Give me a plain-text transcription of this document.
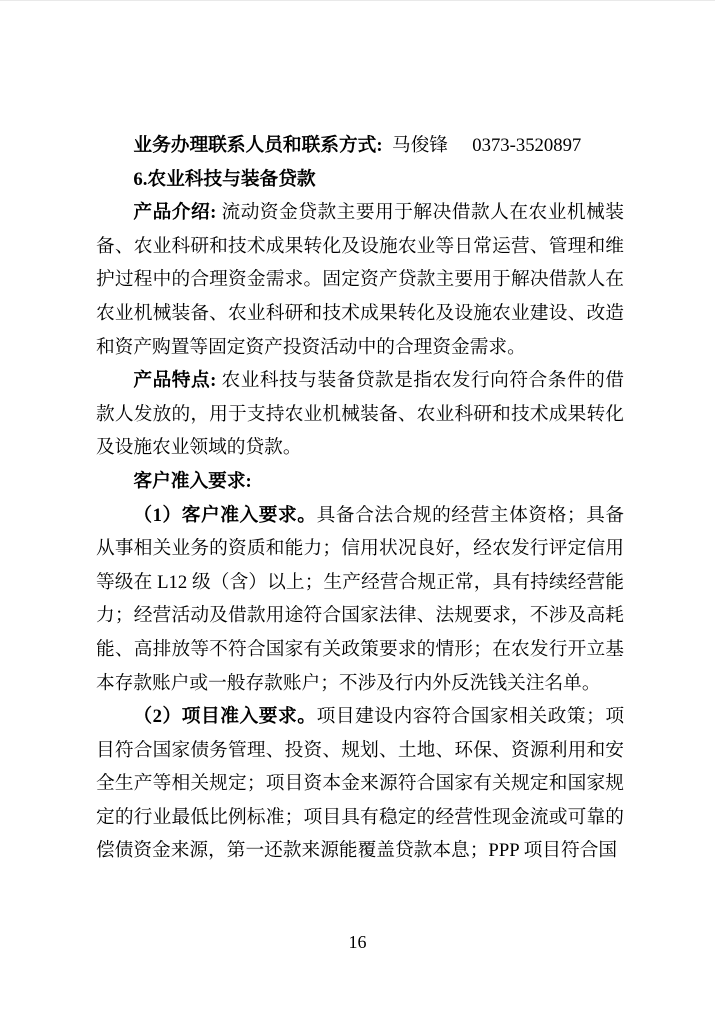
业务办理联系人员和联系方式: 马俊锋 0373-3520897

6.农业科技与装备贷款

产品介绍: 流动资金贷款主要用于解决借款人在农业机械装备、农业科研和技术成果转化及设施农业等日常运营、管理和维护过程中的合理资金需求。固定资产贷款主要用于解决借款人在农业机械装备、农业科研和技术成果转化及设施农业建设、改造和资产购置等固定资产投资活动中的合理资金需求。

产品特点: 农业科技与装备贷款是指农发行向符合条件的借款人发放的，用于支持农业机械装备、农业科研和技术成果转化及设施农业领域的贷款。

客户准入要求:

（1）客户准入要求。具备合法合规的经营主体资格；具备从事相关业务的资质和能力；信用状况良好，经农发行评定信用等级在 L12 级（含）以上；生产经营合规正常，具有持续经营能力；经营活动及借款用途符合国家法律、法规要求，不涉及高耗能、高排放等不符合国家有关政策要求的情形；在农发行开立基本存款账户或一般存款账户；不涉及行内外反洗钱关注名单。

（2）项目准入要求。项目建设内容符合国家相关政策；项目符合国家债务管理、投资、规划、土地、环保、资源利用和安全生产等相关规定；项目资本金来源符合国家有关规定和国家规定的行业最低比例标准；项目具有稳定的经营性现金流或可靠的偿债资金来源，第一还款来源能覆盖贷款本息；PPP 项目符合国

16
